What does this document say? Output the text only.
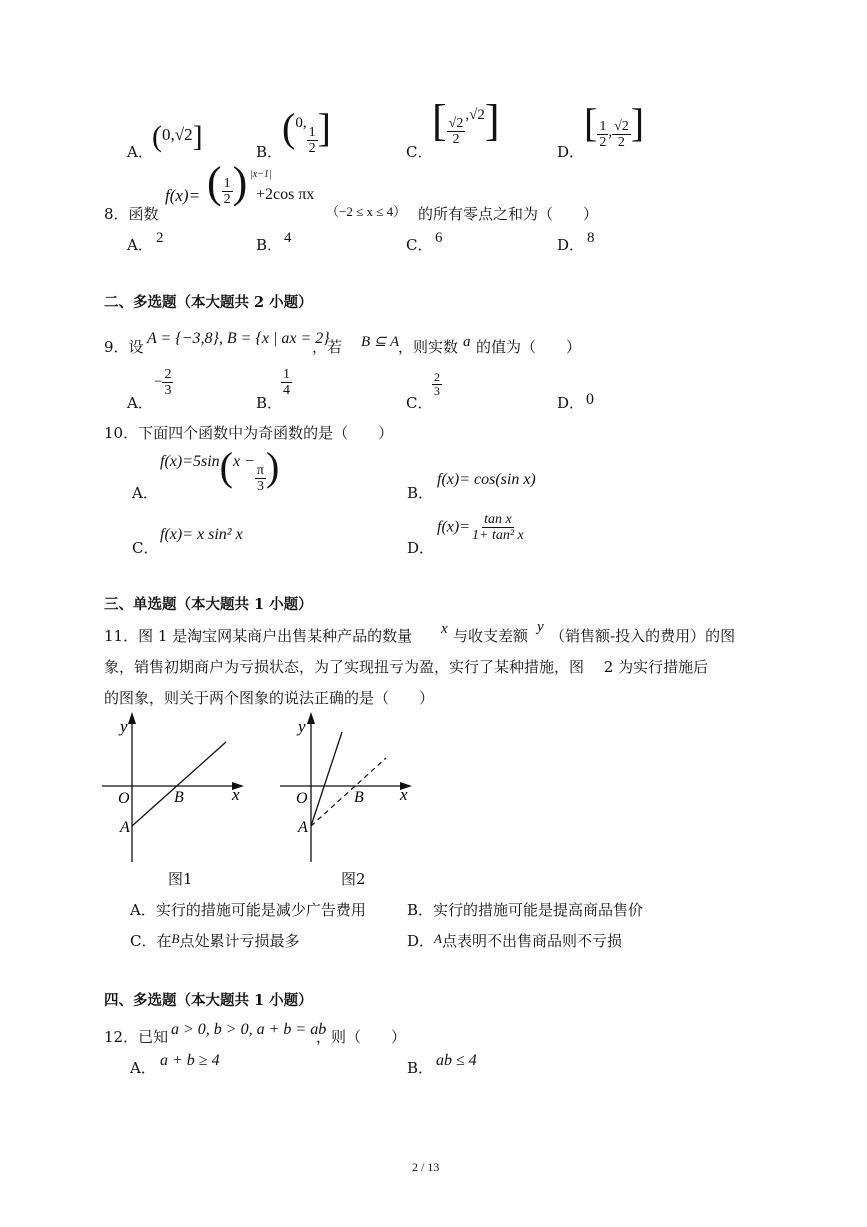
A． (0,√2]	B．
(0,
$\frac{1}{2}$ ]
C．
[ $\frac{√2}{2}$
,√2]
D．
[ $\frac{1}{2}$ , $\frac{√2}{2}$ ]
8．函数
f(x)= ( $\frac{1}{2}$ ) |x−1|
+2cos πx
（−2 ≤ x ≤ 4） 的所有零点之和为（　　）
A． 2	B． 4	C． 6	D． 8
二、多选题（本大题共 2 小题）
9．设 A = {−3,8}, B = {x | ax = 2}
，若 B ⊆ A
，则实数 a 的值为（　　）
A．
− $\frac{2}{3}$
B．
$\frac{1}{4}$
C．
$\frac{2}{3}$
D． 0
10．下面四个函数中为奇函数的是（　　）
A．
f(x)=5sin(x −
$\frac{\pi}{3}$ )
B．
f(x)= cos(sin x)
C．
f(x)= x sin² x
D．
$f(x)= \frac{\text{tan x}}{\text{1+ tan² x}}$
三、单选题（本大题共 1 小题）
11．图 1 是淘宝网某商户出售某种产品的数量 x 与收支差额 y （销售额-投入的费用）的图
象，销售初期商户为亏损状态，为了实现扭亏为盈，实行了某种措施，图　 2 为实行措施后
的图象，则关于两个图象的说法正确的是（　　）
y
x
O
A
B
图1
y
x
O
A
B
图2
A．实行的措施可能是减少广告费用	B．实行的措施可能是提高商品售价
C．在B点处累计亏损最多	D．A点表明不出售商品则不亏损
四、多选题（本大题共 1 小题）
12．已知 a > 0, b > 0, a + b = ab
，则（　　）
A． a + b ≥ 4	B． ab ≤ 4
2 / 13
